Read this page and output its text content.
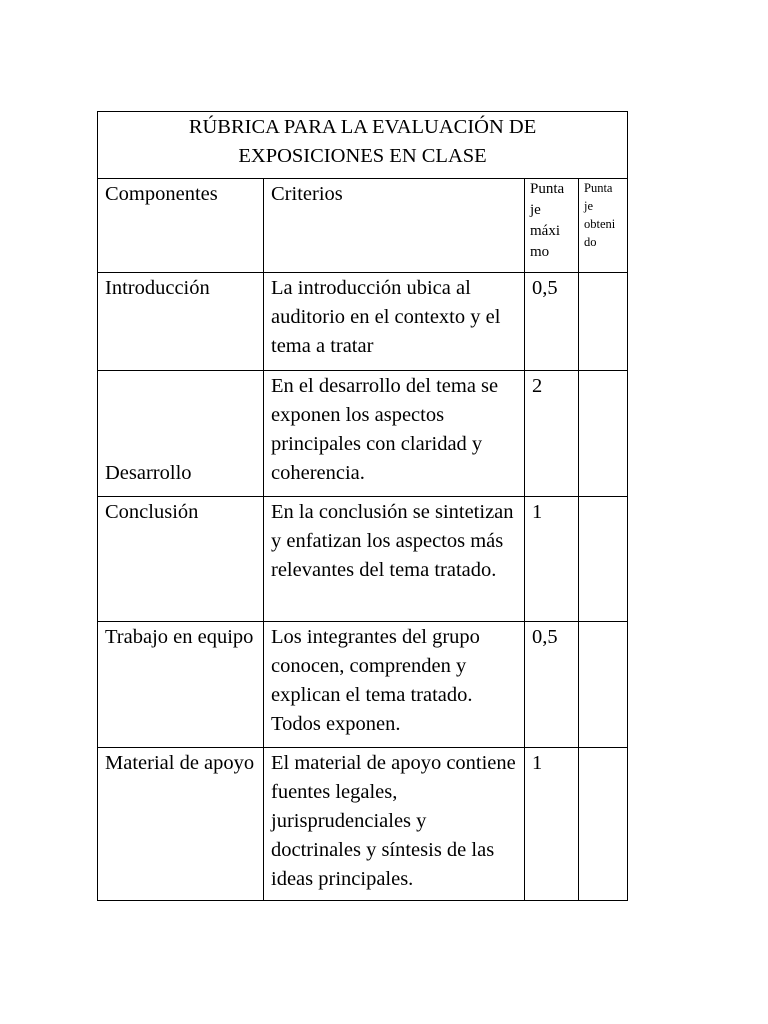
RÚBRICA PARA LA EVALUACIÓN DE
EXPOSICIONES EN CLASE			

Componentes	Criterios	Punta je máxi mo	Punta je obteni do

Introducción	La introducción ubica al auditorio en el contexto y el tema a tratar	0,5	

Desarrollo	En el desarrollo del tema se exponen los aspectos principales con claridad y coherencia.	2	

Conclusión	En la conclusión se sintetizan y enfatizan los aspectos más relevantes del tema tratado.	1	

Trabajo en equipo	Los integrantes del grupo conocen, comprenden y explican el tema tratado. Todos exponen.	0,5	

Material de apoyo	El material de apoyo contiene fuentes legales, jurisprudenciales y doctrinales y síntesis de las ideas principales.	1	
